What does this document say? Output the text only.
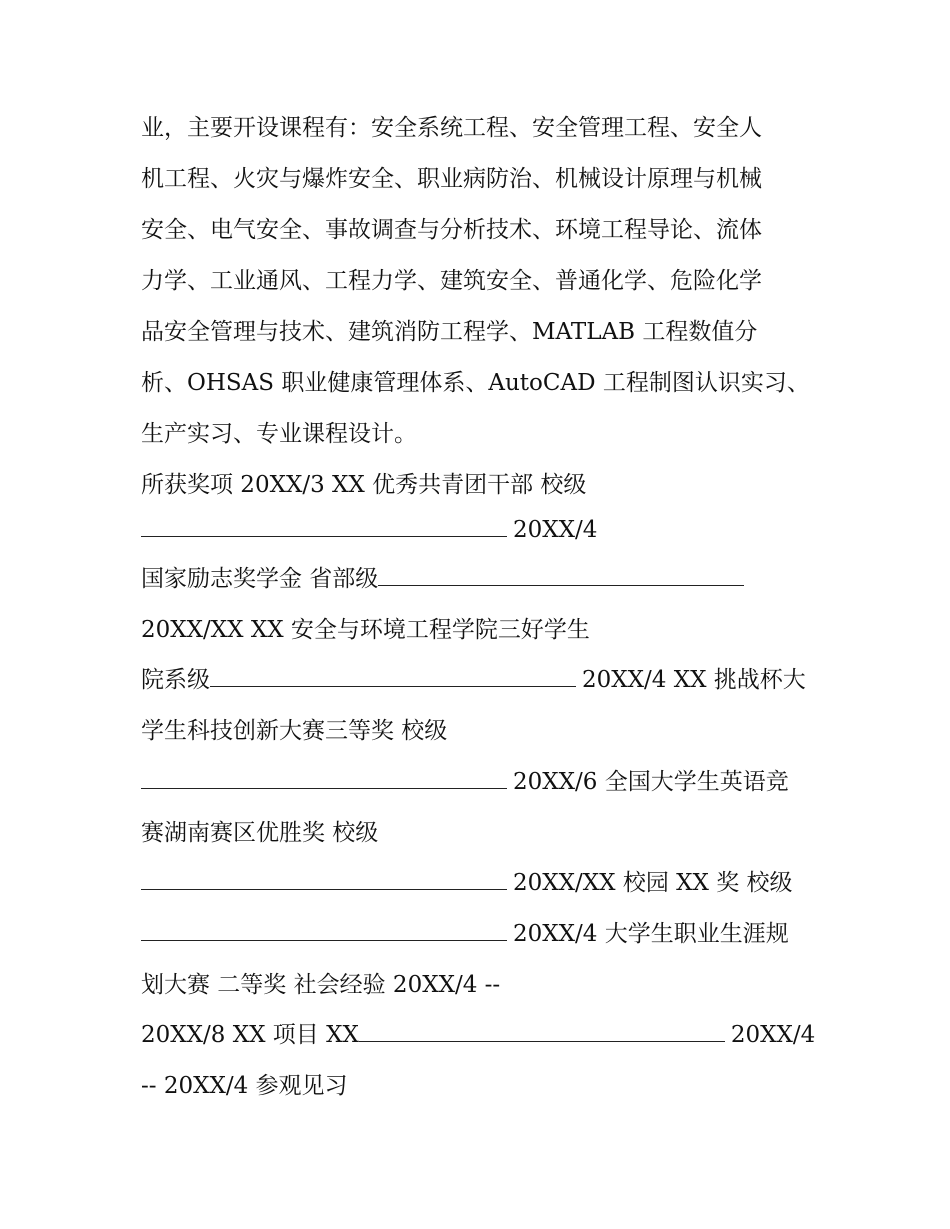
业，主要开设课程有：安全系统工程、安全管理工程、安全人
机工程、火灾与爆炸安全、职业病防治、机械设计原理与机械
安全、电气安全、事故调查与分析技术、环境工程导论、流体
力学、工业通风、工程力学、建筑安全、普通化学、危险化学
品安全管理与技术、建筑消防工程学、MATLAB 工程数值分
析、OHSAS 职业健康管理体系、AutoCAD 工程制图认识实习、
生产实习、专业课程设计。
所获奖项 20XX/3 XX 优秀共青团干部 校级
20XX/4
国家励志奖学金 省部级
20XX/XX XX 安全与环境工程学院三好学生
院系级	20XX/4 XX 挑战杯大
学生科技创新大赛三等奖 校级
20XX/6 全国大学生英语竞
赛湖南赛区优胜奖 校级
20XX/XX 校园 XX 奖 校级
20XX/4 大学生职业生涯规
划大赛 二等奖 社会经验 20XX/4 --
20XX/8 XX 项目 XX	20XX/4
-- 20XX/4 参观见习
